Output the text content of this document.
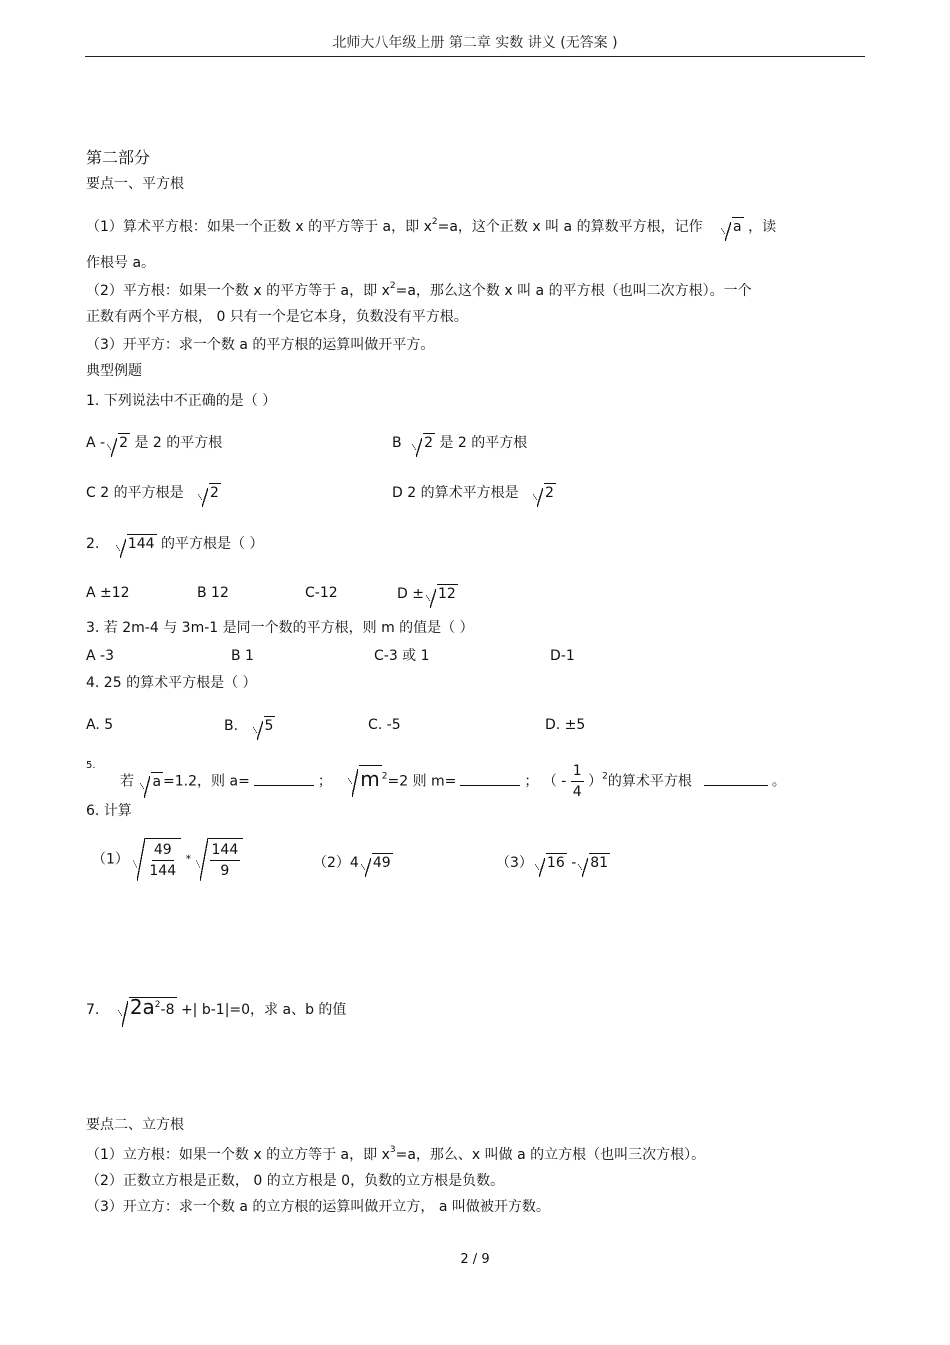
北师大八年级上册 第二章 实数 讲义 (无答案 )
第二部分
要点一、平方根
（1）算术平方根：如果一个正数 x 的平方等于 a，即 $x^2=a$，这个正数 x 叫 a 的算数平方根，记作 a ，读
作根号 a。
（2）平方根：如果一个数 x 的平方等于 a，即 $x^2=a$，那么这个数 x 叫 a 的平方根（也叫二次方根）。一个
正数有两个平方根， 0 只有一个是它本身，负数没有平方根。
（3）开平方：求一个数 a 的平方根的运算叫做开平方。
典型例题
1. 下列说法中不正确的是（ ）
A - 2 是 2 的平方根	B 2 是 2 的平方根
C 2 的平方根是 2	D 2 的算术平方根是 2
2. 144 的平方根是（ ）
A ±12	B 12	C-12	D ± 12
3. 若 2m-4 与 3m-1 是同一个数的平方根，则 m 的值是（ ）
A -3	B 1	C-3 或 1	D-1
4. 25 的算术平方根是（ ）
A. 5	B. 5	C. -5	D. ±5
5.
若 a =1.2，则 a=	； m $^2$=2 则 m=	； （ - $\frac{1}{4} )^2$的算术平方根	。
6. 计算
$(1) \frac{49}{144} * \frac{144}{9}$	（2）4 49	（3） 16 - 81
7. $2a^2-8$ +| b-1|=0，求 a、b 的值
要点二、立方根
（1）立方根：如果一个数 x 的立方等于 a，即 $x^3=a$，那么、x 叫做 a 的立方根（也叫三次方根）。
（2）正数立方根是正数， 0 的立方根是 0，负数的立方根是负数。
（3）开立方：求一个数 a 的立方根的运算叫做开立方， a 叫做被开方数。
2 / 9
